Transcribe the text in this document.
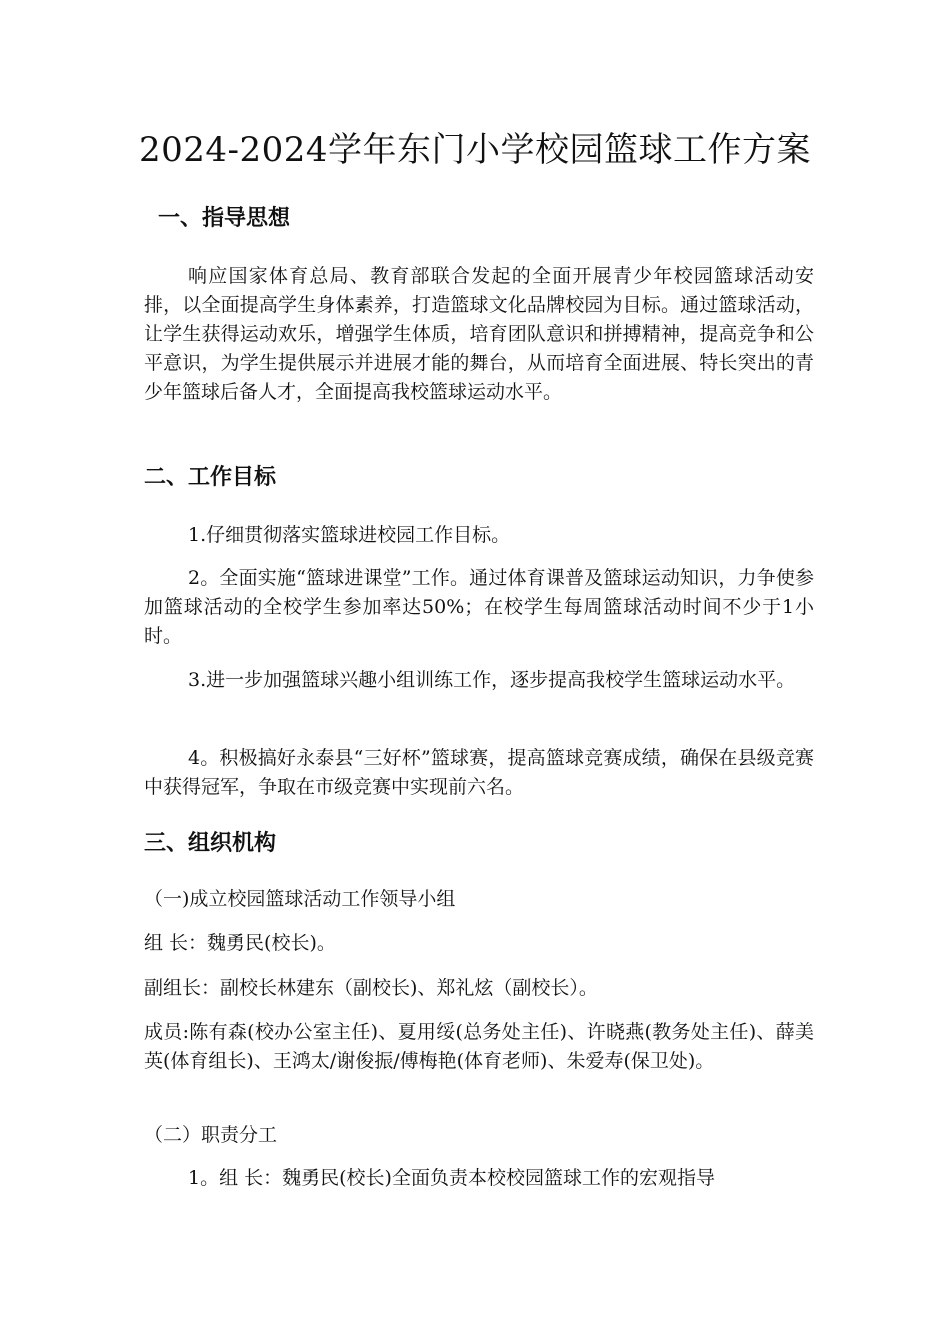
2024-2024学年东门小学校园篮球工作方案
一、指导思想

响应国家体育总局、教育部联合发起的全面开展青少年校园篮球活动安排，以全面提高学生身体素养，打造篮球文化品牌校园为目标。通过篮球活动，让学生获得运动欢乐，增强学生体质，培育团队意识和拼搏精神，提高竞争和公平意识，为学生提供展示并进展才能的舞台，从而培育全面进展、特长突出的青少年篮球后备人才，全面提高我校篮球运动水平。

二、工作目标

1.仔细贯彻落实篮球进校园工作目标。

2。全面实施“篮球进课堂”工作。通过体育课普及篮球运动知识，力争使参加篮球活动的全校学生参加率达50%；在校学生每周篮球活动时间不少于1小时。

3.进一步加强篮球兴趣小组训练工作，逐步提高我校学生篮球运动水平。

4。积极搞好永泰县“三好杯”篮球赛，提高篮球竞赛成绩，确保在县级竞赛中获得冠军，争取在市级竞赛中实现前六名。

三、组织机构

（一)成立校园篮球活动工作领导小组

组 长：魏勇民(校长)。

副组长：副校长林建东（副校长)、郑礼炫（副校长）。

成员:陈有森(校办公室主任)、夏用绥(总务处主任)、许晓燕(教务处主任)、薛美英(体育组长)、王鸿太/谢俊振/傅梅艳(体育老师)、朱爱寿(保卫处)。

（二）职责分工

1。组 长：魏勇民(校长)全面负责本校校园篮球工作的宏观指导
